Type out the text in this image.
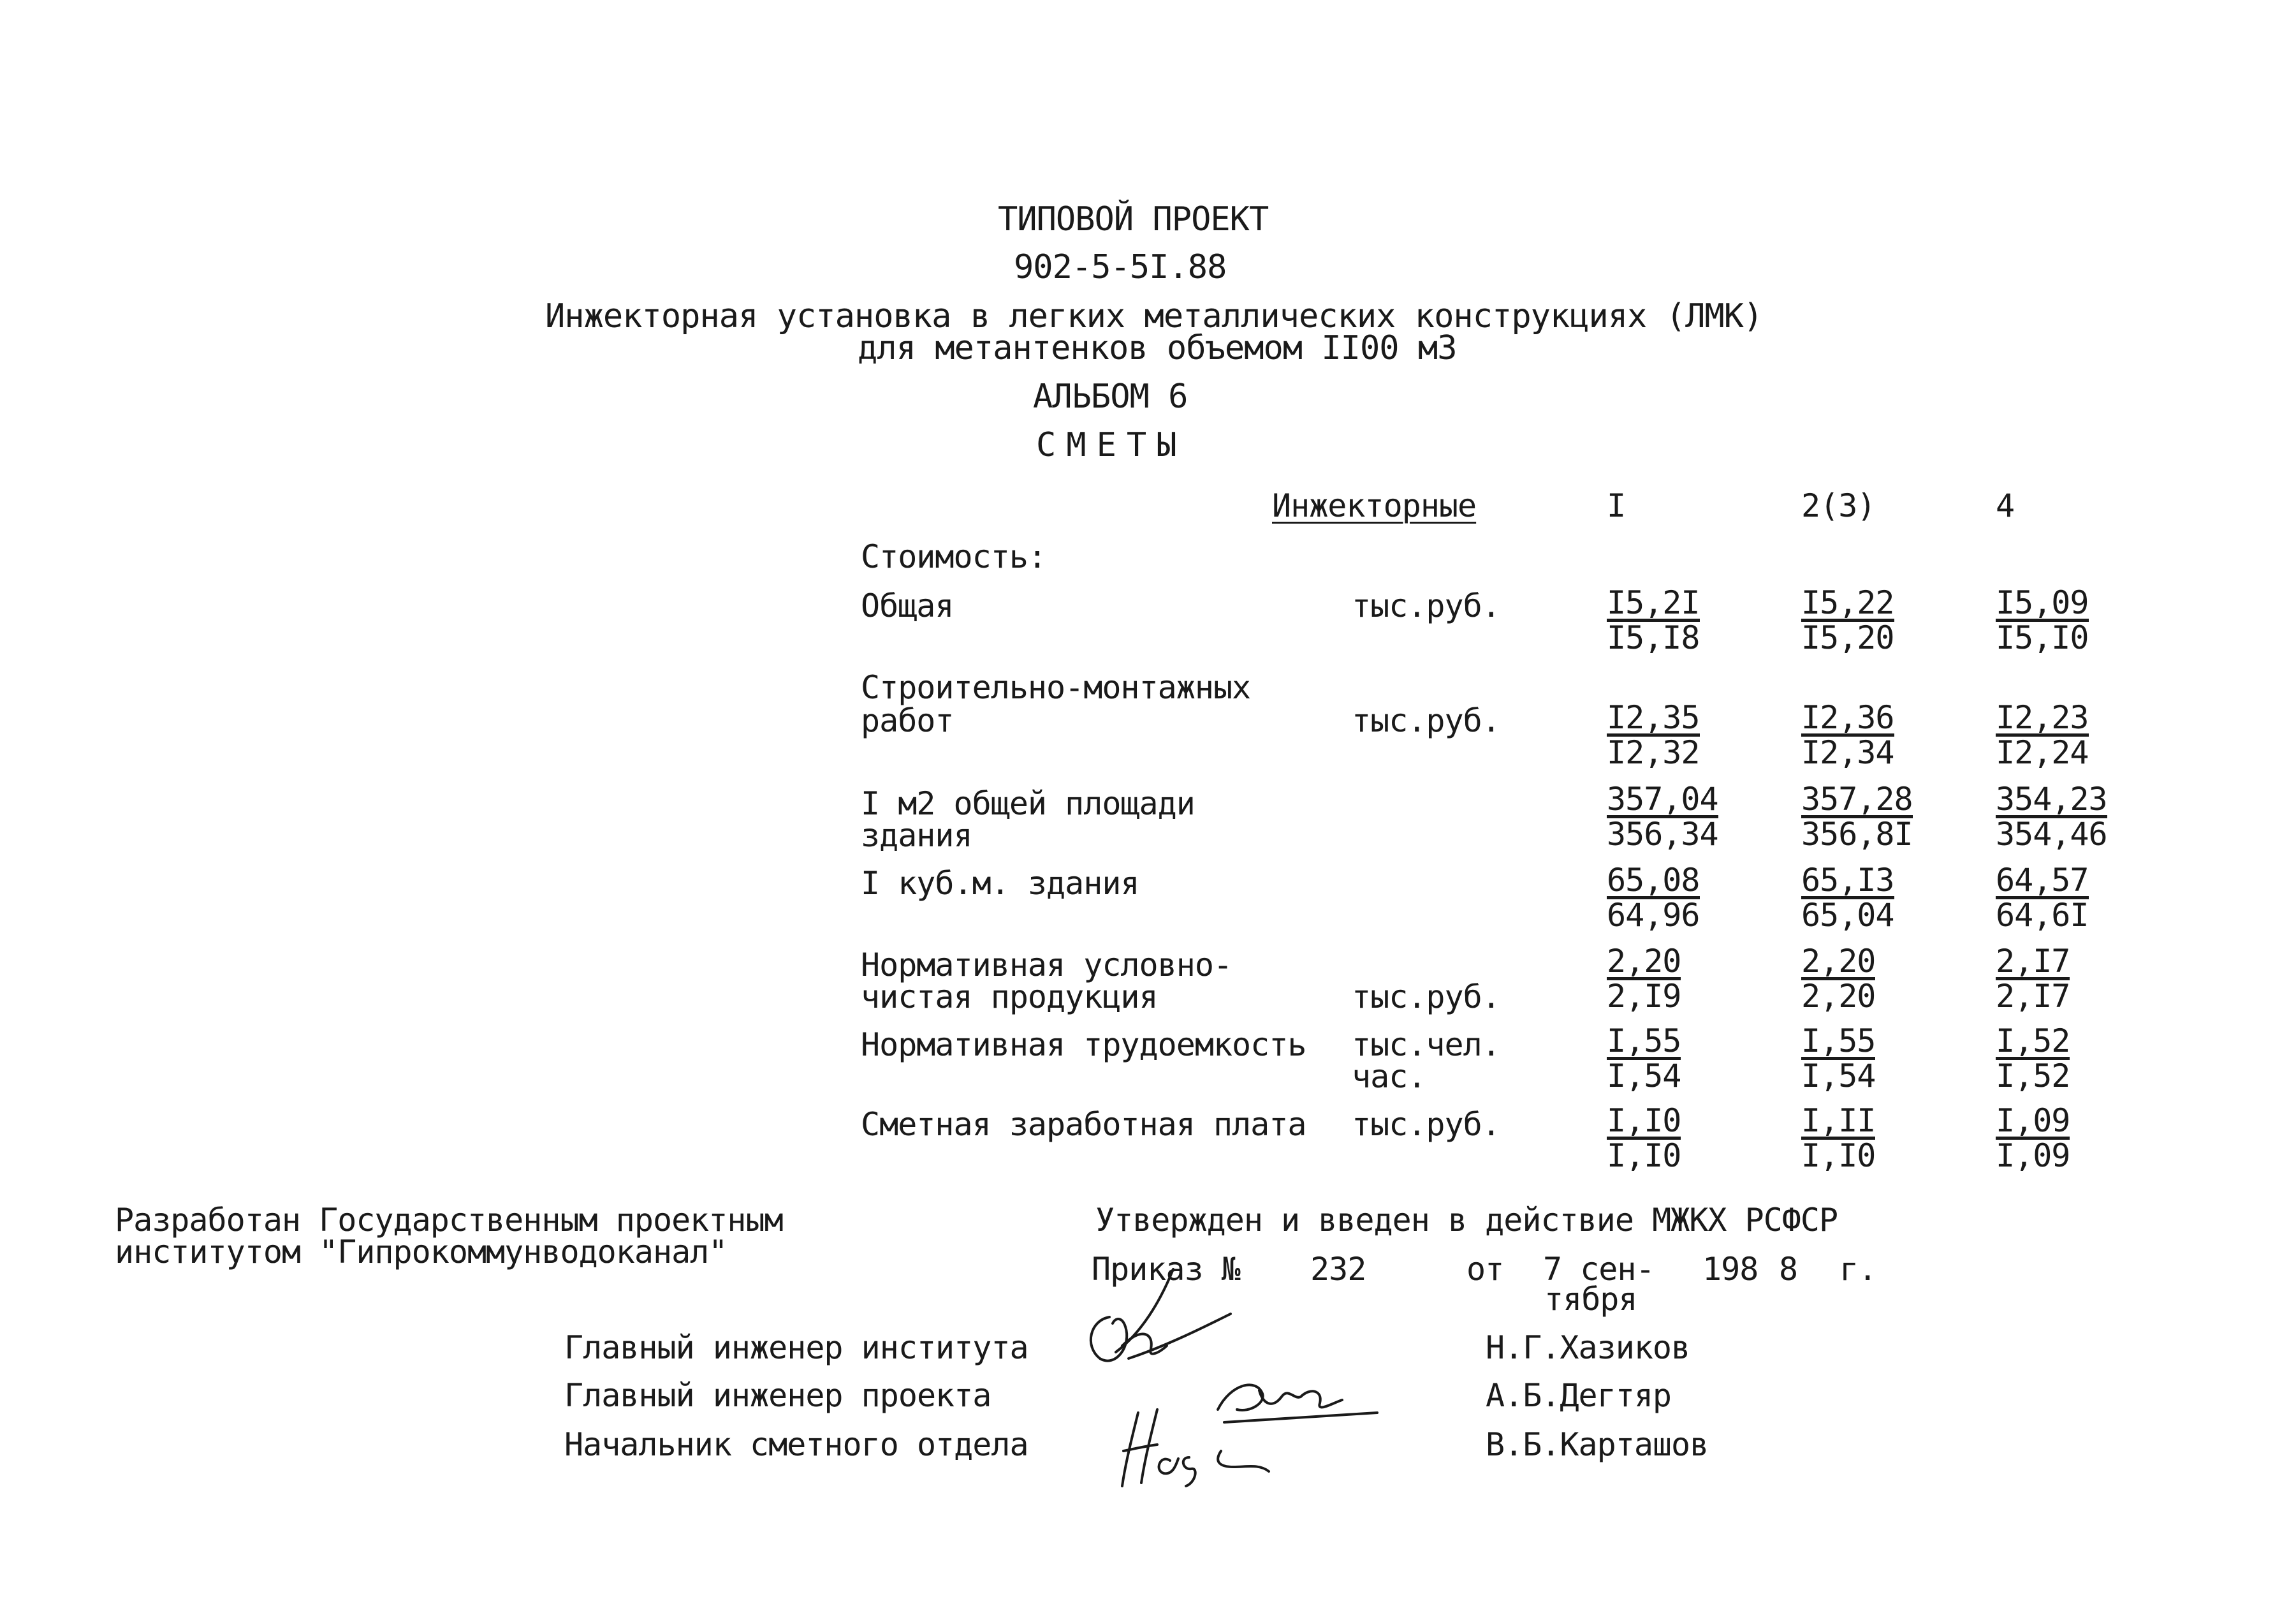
ТИПОВОЙ ПРОЕКТ
902-5-5I.88
Инжекторная установка в легких металлических конструкциях (ЛМК)
для метантенков объемом II00 м3
АЛЬБОМ 6
СМЕТЫ
Инжекторные	I	2(3)	4
Стоимость:
Общая	тыс.руб.	$\frac{I5,2I}{I5,I8}$	$\frac{I5,22}{I5,20}$	$\frac{I5,09}{I5,I0}$
Строительно-монтажных
работ	тыс.руб.	$\frac{I2,35}{I2,32}$	$\frac{I2,36}{I2,34}$	$\frac{I2,23}{I2,24}$
I м2 общей площади
здания	$\frac{357,04}{356,34}$	$\frac{357,28}{356,8I}$	$\frac{354,23}{354,46}$
I куб.м. здания	$\frac{65,08}{64,96}$	$\frac{65,I3}{65,04}$	$\frac{64,57}{64,6I}$
Нормативная условно-
чистая продукция	тыс.руб.	$\frac{2,20}{2,I9}$	$\frac{2,20}{2,20}$	$\frac{2,I7}{2,I7}$
Нормативная трудоемкость тыс.чел.
час.	$\frac{I,55}{I,54}$	$\frac{I,55}{I,54}$	$\frac{I,52}{I,52}$
Сметная заработная плата тыс.руб.	$\frac{I,I0}{I,I0}$	$\frac{I,II}{I,I0}$	$\frac{I,09}{I,09}$
Разработан Государственным проектным
институтом "Гипрокоммунводоканал"
Утвержден и введен в действие МЖКХ РСФСР
Приказ № 232	от 7 сен-
тября
198 8 г.
Главный инженер института	Н.Г.Хазиков
Главный инженер проекта	А.Б.Дегтяр
Начальник сметного отдела	В.Б.Карташов
